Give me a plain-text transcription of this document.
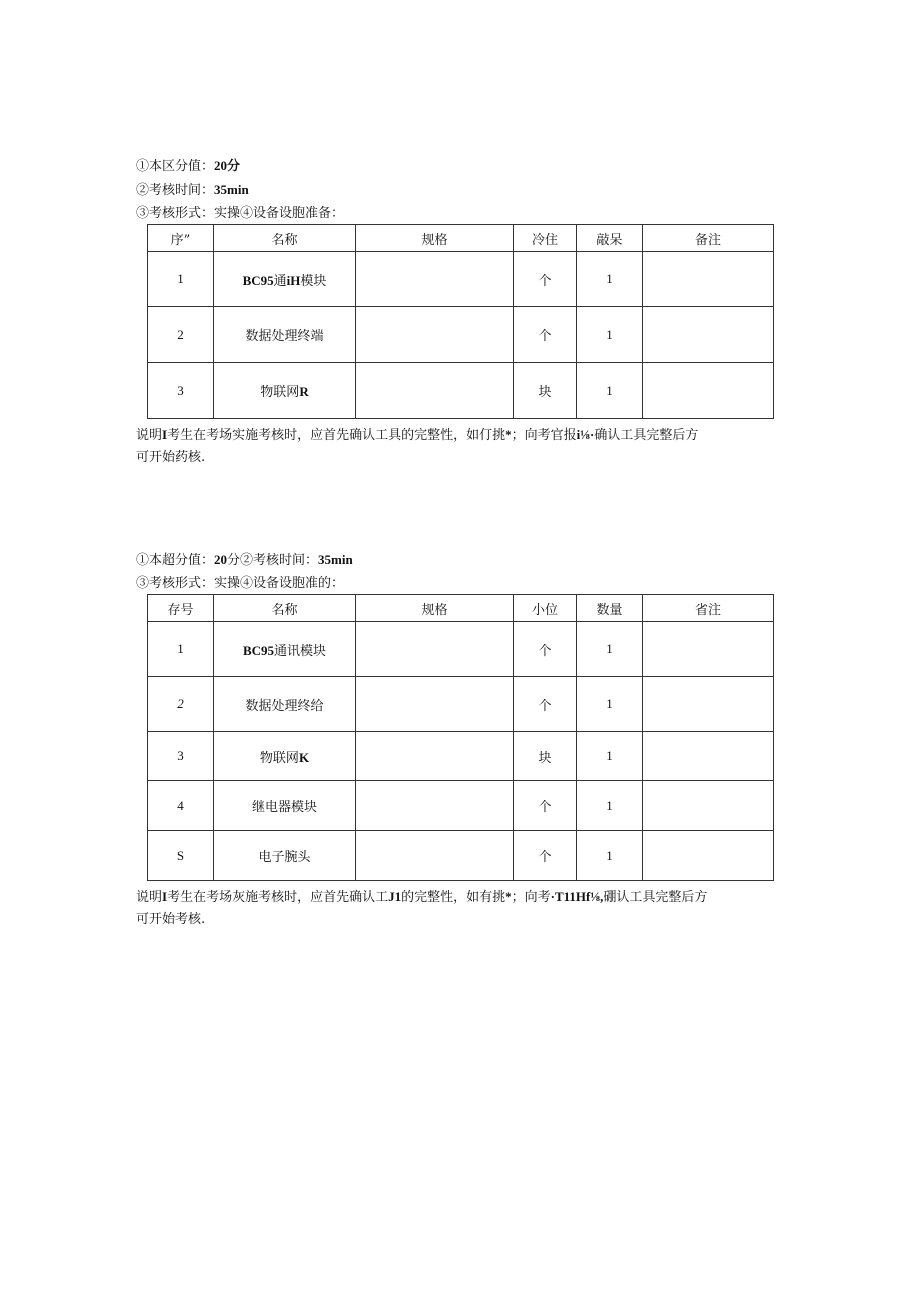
①本区分值：20分
②考核时间：35min
③考核形式：实操④设备设胞准备：
序”	名称	规格	冷住	敲呆	备注
1	BC95通iH模块		个	1	
2	数据处理终端		个	1	
3	物联网R		块	1	

说明I考生在考场实施考核时，应首先确认工具的完整性，如仃挑*；向考官报i⅛·确认工具完整后方

可开始药核.

①本超分值：20分②考核时间：35min
③考核形式：实操④设备设胞准的：
存号	名称	规格	小位	数量	省注
1	BC95通讯模块		个	1	
2	数据处理终给		个	1	
3	物联网K		块	1	
4	继电器模块		个	1	
S	电子腕头		个	1	

说明I考生在考场灰施考核时，应首先确认工J1的完整性，如有挑*；向考·T11Hf⅛,硼认工具完整后方

可开始考核.
